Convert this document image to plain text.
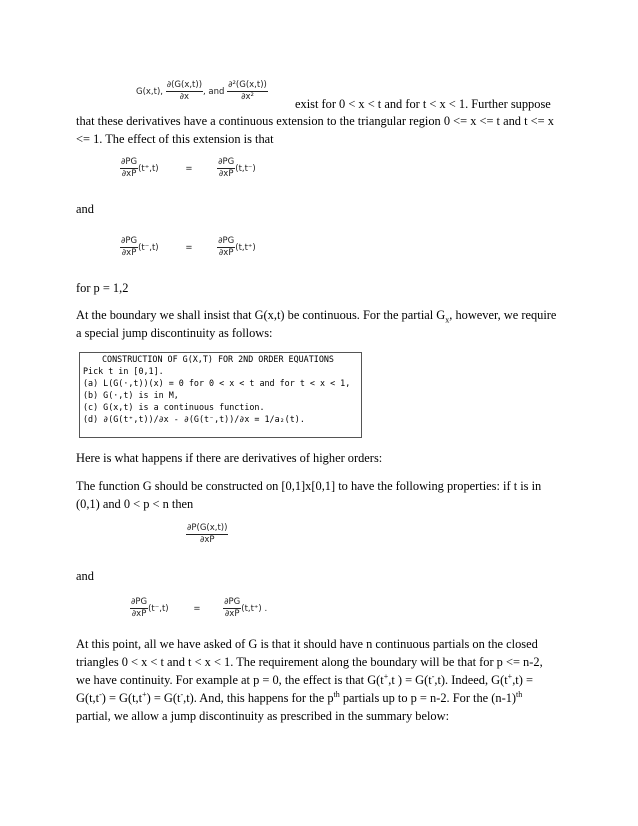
G(x,t), $\frac{\partial(G(x,t))}{\partial x}$ , and $\frac{\text{∂²(G(x,t))}}{\text{∂x²}}$
exist for 0 < x < t and for t < x < 1. Further suppose
that these derivatives have a continuous extension to the triangular region 0 <= x <= t and t <= x
<= 1. The effect of this extension is that
$\frac{\partial PG}{\partial xP} (t^+,t)$	=	$\frac{\partial PG}{\partial xP} (t,t^-)$
and
$\frac{\partial PG}{\partial xP} (t^-,t)$	=	$\frac{\partial PG}{\partial xP} (t,t^+)$
for p = 1,2
At the boundary we shall insist that G(x,t) be continuous. For the partial $G_x$, however, we require
a special jump discontinuity as follows:
CONSTRUCTION OF G(X,T) FOR 2ND ORDER EQUATIONS
Pick t in [0,1].
(a) L(G(·,t))(x) = 0 for 0 < x < t and for t < x < 1,
(b) G(·,t) is in M,
(c) G(x,t) is a continuous function.
(d) ∂(G(t⁺,t))/∂x - ∂(G(t⁻,t))/∂x = 1/a₂(t).
Here is what happens if there are derivatives of higher orders:
The function G should be constructed on [0,1]x[0,1] to have the following properties: if t is in
(0,1) and 0 < p < n then
$\frac{\partial P(G(x,t))}{\partial xP}$
and
$\frac{\partial PG}{\partial xP} (t^-,t)$	=	$\frac{\partial PG}{\partial xP} (t,t^+)$ .
At this point, all we have asked of G is that it should have n continuous partials on the closed
triangles 0 < x < t and t < x < 1. The requirement along the boundary will be that for p <= n-2,
we have continuity. For example at p = 0, the effect is that G(t+,t ) = G(t-,t). Indeed, G(t+,t) =
G(t,t-) = G(t,t+) = G(t-,t). And, this happens for the $p^{th}$ partials up to p = n-2. For the $(n-1)^{th}$
partial, we allow a jump discontinuity as prescribed in the summary below:
